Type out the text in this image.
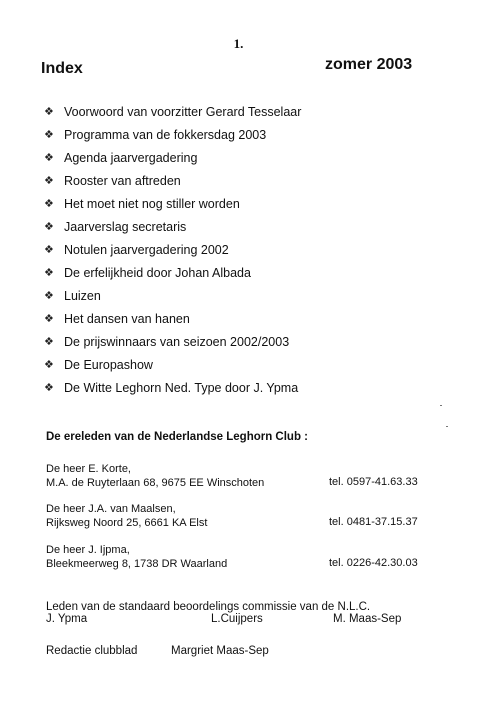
1.
Index	zomer 2003
❖ Voorwoord van voorzitter Gerard Tesselaar
❖ Programma van de fokkersdag 2003
❖ Agenda jaarvergadering
❖ Rooster van aftreden
❖ Het moet niet nog stiller worden
❖ Jaarverslag secretaris
❖ Notulen jaarvergadering 2002
❖ De erfelijkheid door Johan Albada
❖ Luizen
❖ Het dansen van hanen
❖ De prijswinnaars van seizoen 2002/2003
❖ De Europashow
❖ De Witte Leghorn Ned. Type door J. Ypma
De ereleden van de Nederlandse Leghorn Club :
De heer E. Korte,
M.A. de Ruyterlaan 68, 9675 EE Winschoten	tel. 0597-41.63.33
De heer J.A. van Maalsen,
Rijksweg Noord 25, 6661 KA Elst	tel. 0481-37.15.37
De heer J. Ijpma,
Bleekmeerweg 8, 1738 DR Waarland	tel. 0226-42.30.03
Leden van de standaard beoordelings commissie van de N.L.C.
J. Ypma	L.Cuijpers	M. Maas-Sep
Redactie clubblad	Margriet Maas-Sep
